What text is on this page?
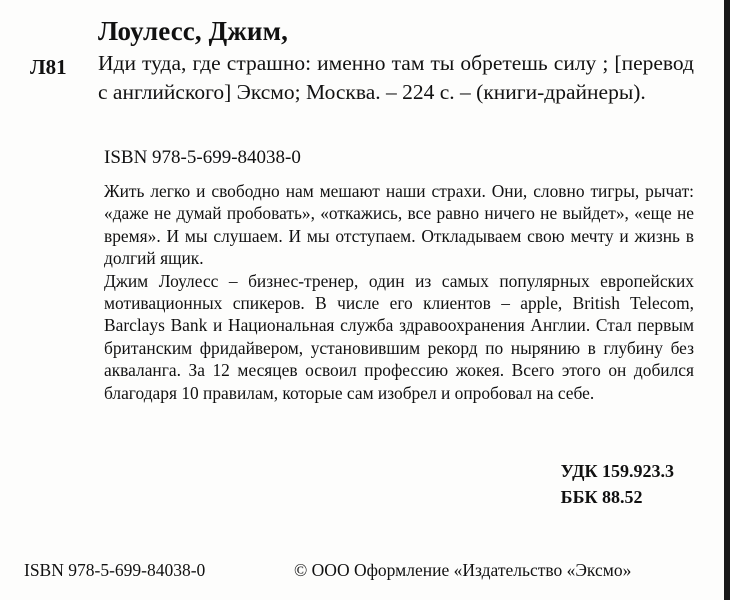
Лоулесс, Джим,
Л81 Иди туда, где страшно: именно там ты обретешь силу ; [перевод с английского] Эксмо; Москва. – 224 с. – (книги-драйнеры).
ISBN 978-5-699-84038-0

Жить легко и свободно нам мешают наши страхи. Они, словно тигры, рычат: «даже не думай пробовать», «откажись, все равно ничего не выйдет», «еще не время». И мы слушаем. И мы отступаем. Откладываем свою мечту и жизнь в долгий ящик.

Джим Лоулесс – бизнес-тренер, один из самых популярных европейских мотивационных спикеров. В числе его клиентов – apple, British Telecom, Barclays Bank и Национальная служба здравоохранения Англии. Стал первым британским фридайвером, установившим рекорд по нырянию в глубину без акваланга. За 12 месяцев освоил профессию жокея. Всего этого он добился благодаря 10 правилам, которые сам изобрел и опробовал на себе.

УДК 159.923.3
ББК 88.52
ISBN 978-5-699-84038-0	© ООО Оформление «Издательство «Эксмо»
